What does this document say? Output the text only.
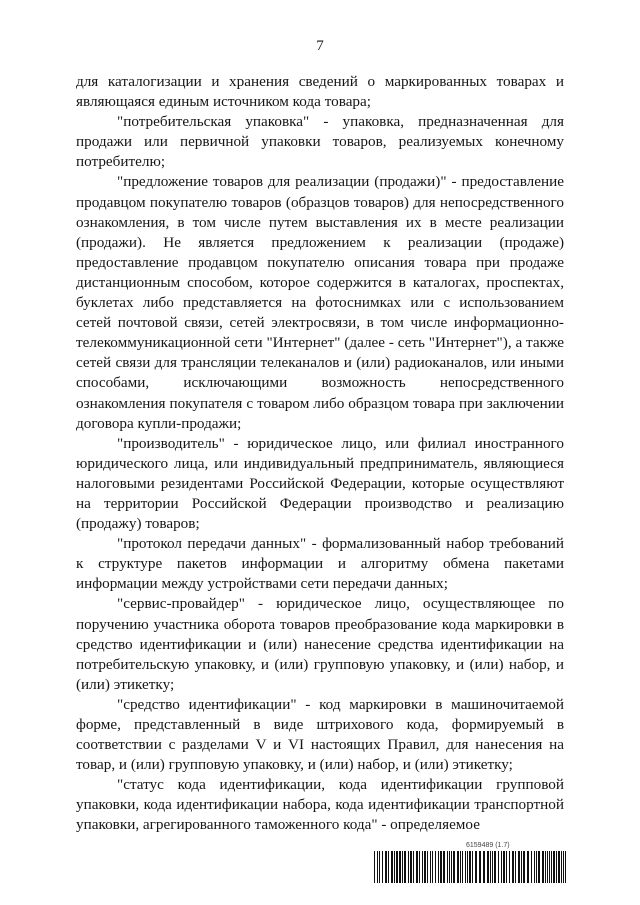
7

для каталогизации и хранения сведений о маркированных товарах и являющаяся единым источником кода товара;

"потребительская упаковка" - упаковка, предназначенная для продажи или первичной упаковки товаров, реализуемых конечному потребителю;

"предложение товаров для реализации (продажи)" - предоставление продавцом покупателю товаров (образцов товаров) для непосредственного ознакомления, в том числе путем выставления их в месте реализации (продажи). Не является предложением к реализации (продаже) предоставление продавцом покупателю описания товара при продаже дистанционным способом, которое содержится в каталогах, проспектах, буклетах либо представляется на фотоснимках или с использованием сетей почтовой связи, сетей электросвязи, в том числе информационно-телекоммуникационной сети "Интернет" (далее - сеть "Интернет"), а также сетей связи для трансляции телеканалов и (или) радиоканалов, или иными способами, исключающими возможность непосредственного ознакомления покупателя с товаром либо образцом товара при заключении договора купли-продажи;

"производитель" - юридическое лицо, или филиал иностранного юридического лица, или индивидуальный предприниматель, являющиеся налоговыми резидентами Российской Федерации, которые осуществляют на территории Российской Федерации производство и реализацию (продажу) товаров;

"протокол передачи данных" - формализованный набор требований к структуре пакетов информации и алгоритму обмена пакетами информации между устройствами сети передачи данных;

"сервис-провайдер" - юридическое лицо, осуществляющее по поручению участника оборота товаров преобразование кода маркировки в средство идентификации и (или) нанесение средства идентификации на потребительскую упаковку, и (или) групповую упаковку, и (или) набор, и (или) этикетку;

"средство идентификации" - код маркировки в машиночитаемой форме, представленный в виде штрихового кода, формируемый в соответствии с разделами V и VI настоящих Правил, для нанесения на товар, и (или) групповую упаковку, и (или) набор, и (или) этикетку;

"статус кода идентификации, кода идентификации групповой упаковки, кода идентификации набора, кода идентификации транспортной упаковки, агрегированного таможенного кода" - определяемое

6159489 (1.7)
